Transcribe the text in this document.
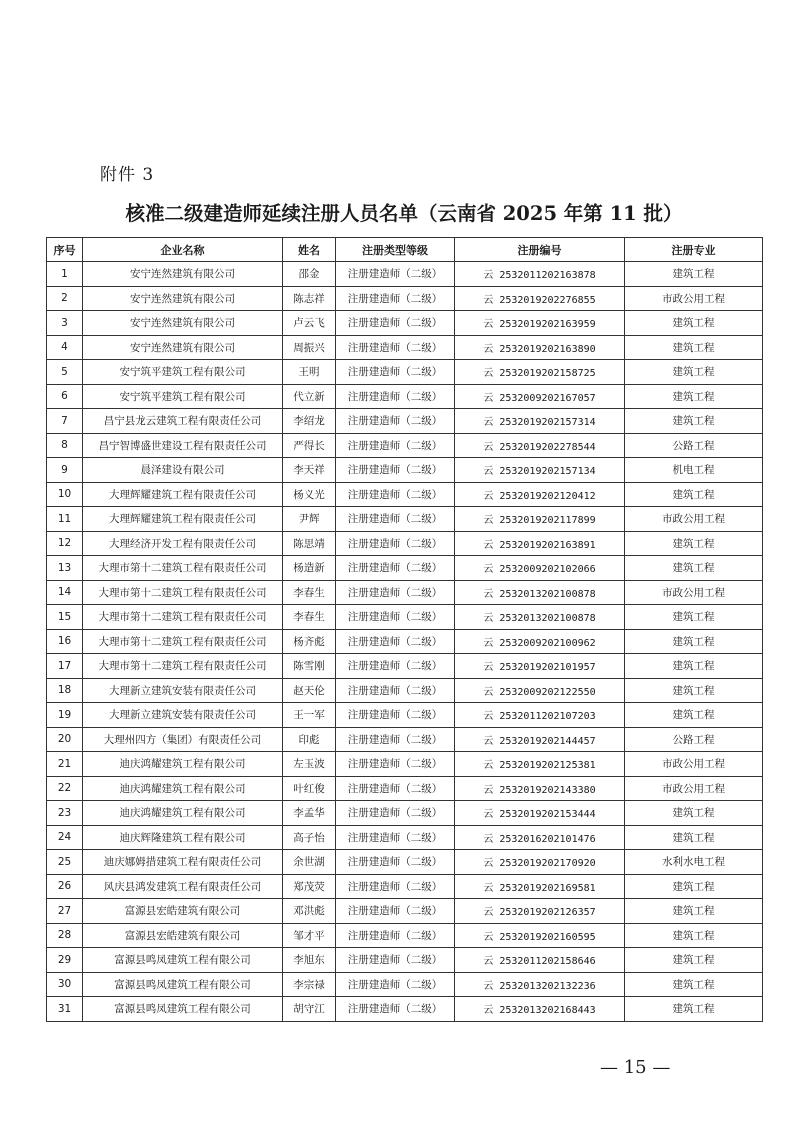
附件 3
核准二级建造师延续注册人员名单（云南省 2025 年第 11 批）
序号	企业名称	姓名	注册类型等级	注册编号	注册专业
1	安宁连然建筑有限公司	邵金	注册建造师（二级）	云 2532011202163878	建筑工程
2	安宁连然建筑有限公司	陈志祥	注册建造师（二级）	云 2532019202276855	市政公用工程
3	安宁连然建筑有限公司	卢云飞	注册建造师（二级）	云 2532019202163959	建筑工程
4	安宁连然建筑有限公司	周振兴	注册建造师（二级）	云 2532019202163890	建筑工程
5	安宁筑平建筑工程有限公司	王明	注册建造师（二级）	云 2532019202158725	建筑工程
6	安宁筑平建筑工程有限公司	代立新	注册建造师（二级）	云 2532009202167057	建筑工程
7	昌宁县龙云建筑工程有限责任公司	李绍龙	注册建造师（二级）	云 2532019202157314	建筑工程
8	昌宁智博盛世建设工程有限责任公司	严得长	注册建造师（二级）	云 2532019202278544	公路工程
9	晨泽建设有限公司	李天祥	注册建造师（二级）	云 2532019202157134	机电工程
10	大理辉耀建筑工程有限责任公司	杨义光	注册建造师（二级）	云 2532019202120412	建筑工程
11	大理辉耀建筑工程有限责任公司	尹辉	注册建造师（二级）	云 2532019202117899	市政公用工程
12	大理经济开发工程有限责任公司	陈思靖	注册建造师（二级）	云 2532019202163891	建筑工程
13	大理市第十二建筑工程有限责任公司	杨造新	注册建造师（二级）	云 2532009202102066	建筑工程
14	大理市第十二建筑工程有限责任公司	李春生	注册建造师（二级）	云 2532013202100878	市政公用工程
15	大理市第十二建筑工程有限责任公司	李春生	注册建造师（二级）	云 2532013202100878	建筑工程
16	大理市第十二建筑工程有限责任公司	杨齐彪	注册建造师（二级）	云 2532009202100962	建筑工程
17	大理市第十二建筑工程有限责任公司	陈雪刚	注册建造师（二级）	云 2532019202101957	建筑工程
18	大理新立建筑安装有限责任公司	赵天伦	注册建造师（二级）	云 2532009202122550	建筑工程
19	大理新立建筑安装有限责任公司	王一军	注册建造师（二级）	云 2532011202107203	建筑工程
20	大理州四方（集团）有限责任公司	印彪	注册建造师（二级）	云 2532019202144457	公路工程
21	迪庆鸿耀建筑工程有限公司	左玉波	注册建造师（二级）	云 2532019202125381	市政公用工程
22	迪庆鸿耀建筑工程有限公司	叶红俊	注册建造师（二级）	云 2532019202143380	市政公用工程
23	迪庆鸿耀建筑工程有限公司	李孟华	注册建造师（二级）	云 2532019202153444	建筑工程
24	迪庆辉隆建筑工程有限公司	高子怡	注册建造师（二级）	云 2532016202101476	建筑工程
25	迪庆娜姆措建筑工程有限责任公司	余世湖	注册建造师（二级）	云 2532019202170920	水利水电工程
26	风庆县鸿发建筑工程有限责任公司	郑茂荧	注册建造师（二级）	云 2532019202169581	建筑工程
27	富源县宏皓建筑有限公司	邓洪彪	注册建造师（二级）	云 2532019202126357	建筑工程
28	富源县宏皓建筑有限公司	邹才平	注册建造师（二级）	云 2532019202160595	建筑工程
29	富源县鸣凤建筑工程有限公司	李旭东	注册建造师（二级）	云 2532011202158646	建筑工程
30	富源县鸣凤建筑工程有限公司	李宗禄	注册建造师（二级）	云 2532013202132236	建筑工程
31	富源县鸣凤建筑工程有限公司	胡守江	注册建造师（二级）	云 2532013202168443	建筑工程
— 15 —
